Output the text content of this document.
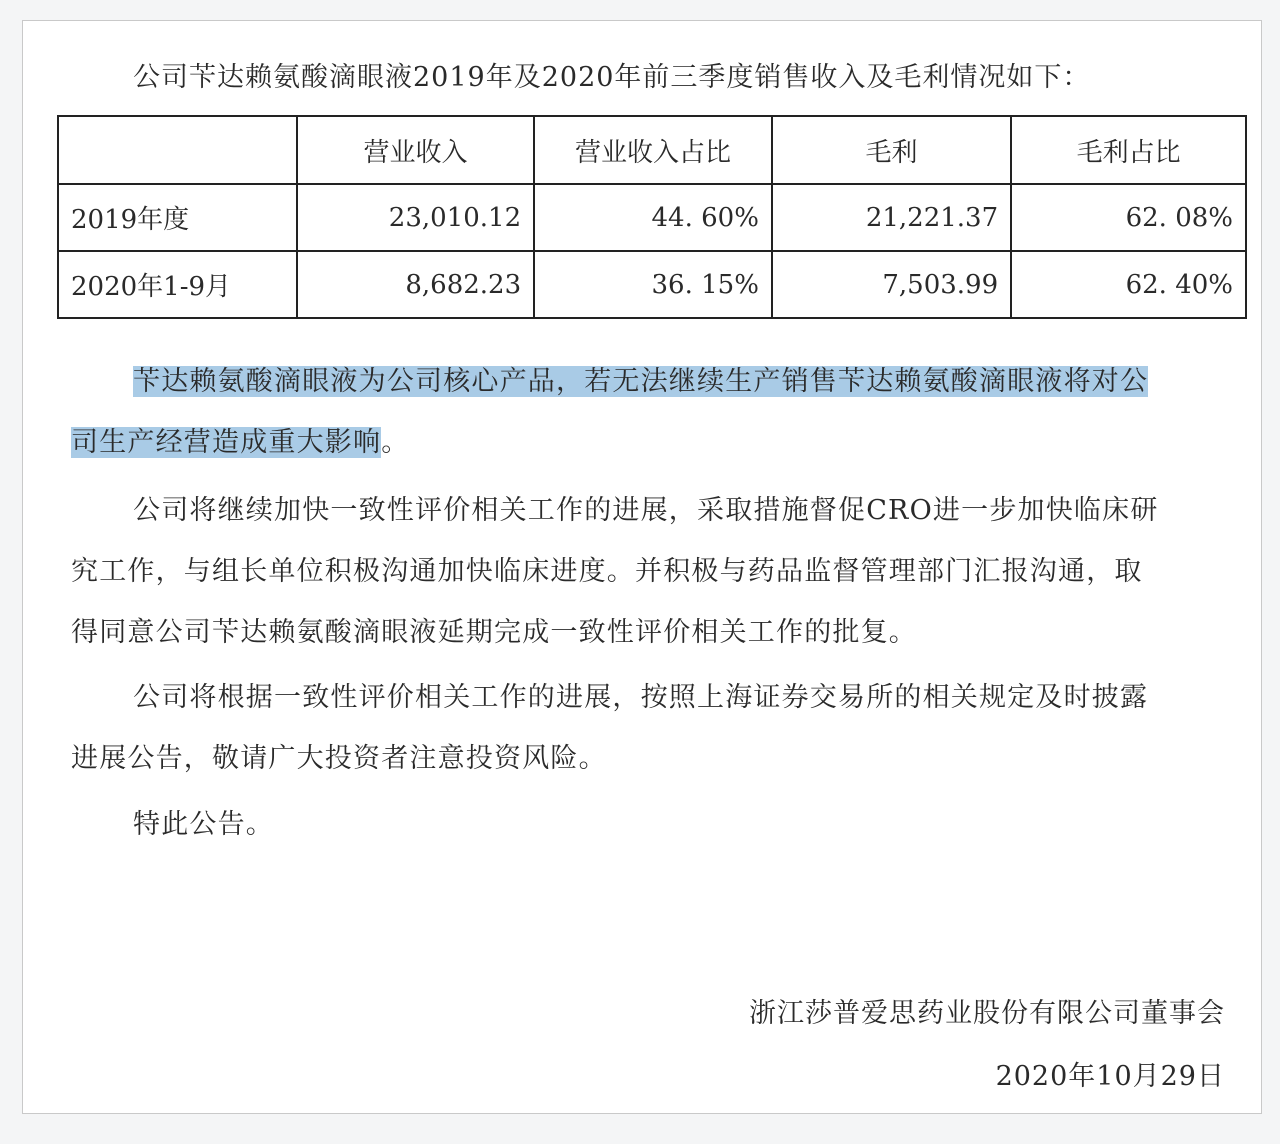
公司苄达赖氨酸滴眼液2019年及2020年前三季度销售收入及毛利情况如下：
	营业收入	营业收入占比	毛利	毛利占比
2019年度	23,010.12	44. 60%	21,221.37	62. 08%
2020年1-9月	8,682.23	36. 15%	7,503.99	62. 40%
苄达赖氨酸滴眼液为公司核心产品，若无法继续生产销售苄达赖氨酸滴眼液将对公
司生产经营造成重大影响。
公司将继续加快一致性评价相关工作的进展，采取措施督促CRO进一步加快临床研
究工作，与组长单位积极沟通加快临床进度。并积极与药品监督管理部门汇报沟通，取
得同意公司苄达赖氨酸滴眼液延期完成一致性评价相关工作的批复。
公司将根据一致性评价相关工作的进展，按照上海证券交易所的相关规定及时披露
进展公告，敬请广大投资者注意投资风险。
特此公告。
浙江莎普爱思药业股份有限公司董事会
2020年10月29日
